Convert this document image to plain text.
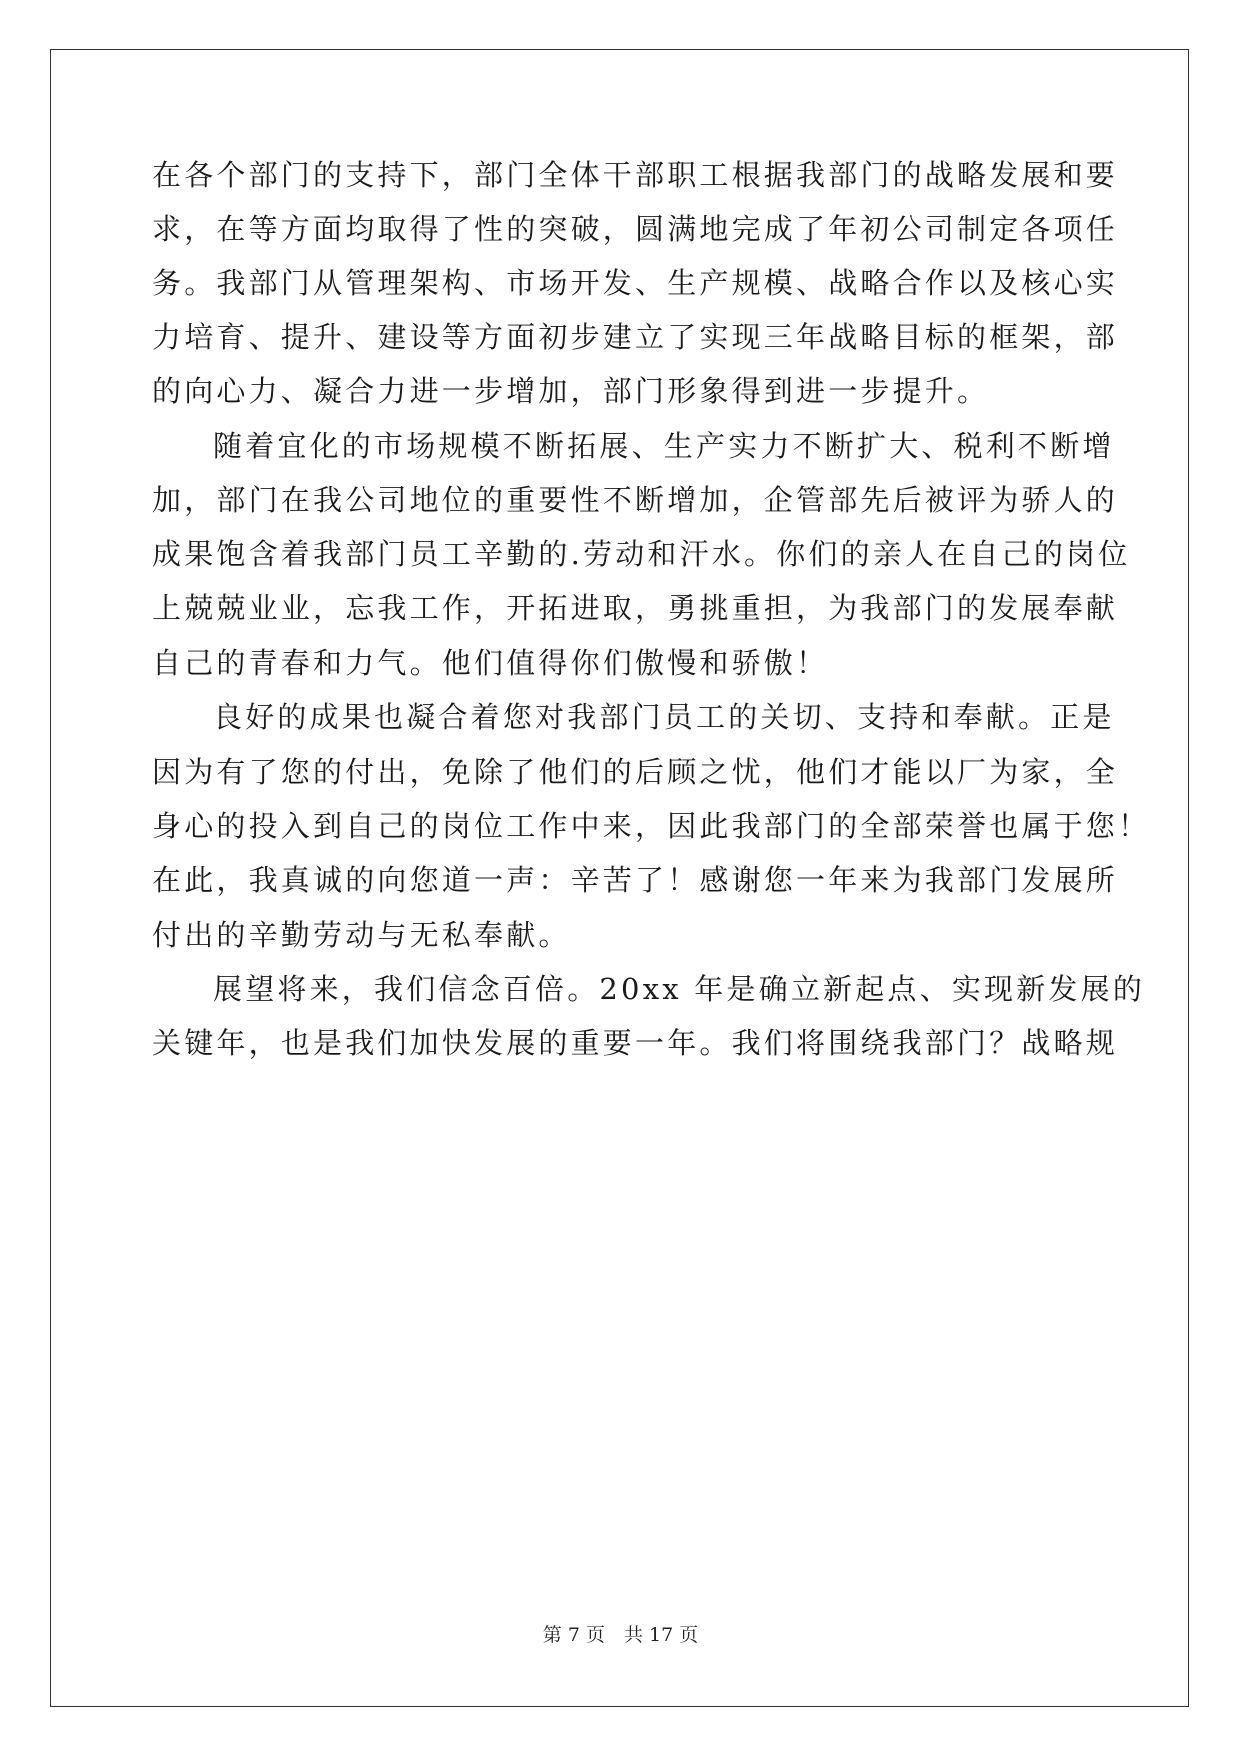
在各个部门的支持下，部门全体干部职工根据我部门的战略发展和要
求，在等方面均取得了性的突破，圆满地完成了年初公司制定各项任
务。我部门从管理架构、市场开发、生产规模、战略合作以及核心实
力培育、提升、建设等方面初步建立了实现三年战略目标的框架，部
的向心力、凝合力进一步增加，部门形象得到进一步提升。
随着宜化的市场规模不断拓展、生产实力不断扩大、税利不断增
加，部门在我公司地位的重要性不断增加，企管部先后被评为骄人的
成果饱含着我部门员工辛勤的.劳动和汗水。你们的亲人在自己的岗位
上兢兢业业，忘我工作，开拓进取，勇挑重担，为我部门的发展奉献
自己的青春和力气。他们值得你们傲慢和骄傲！
良好的成果也凝合着您对我部门员工的关切、支持和奉献。正是
因为有了您的付出，免除了他们的后顾之忧，他们才能以厂为家，全
身心的投入到自己的岗位工作中来，因此我部门的全部荣誉也属于您！
在此，我真诚的向您道一声：辛苦了！感谢您一年来为我部门发展所
付出的辛勤劳动与无私奉献。
展望将来，我们信念百倍。20xx 年是确立新起点、实现新发展的
关键年，也是我们加快发展的重要一年。我们将围绕我部门？战略规
第 7 页　共 17 页
